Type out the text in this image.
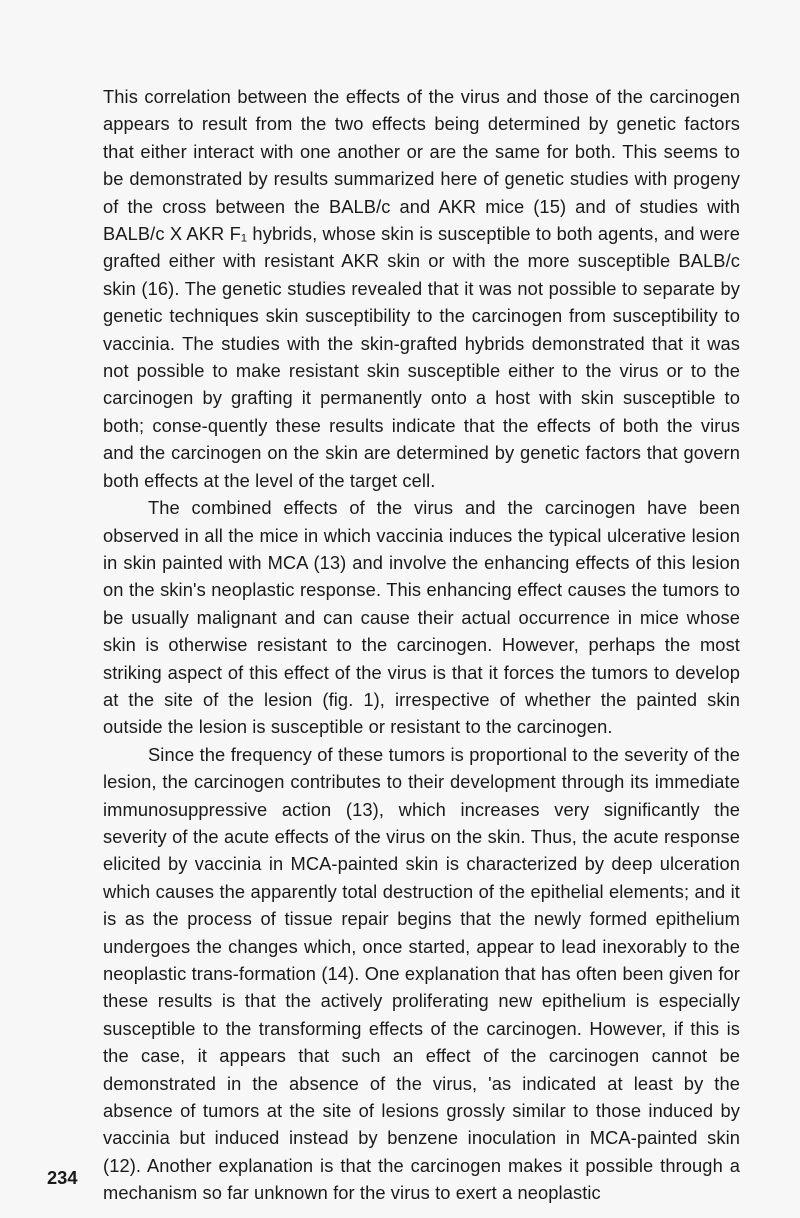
This correlation between the effects of the virus and those of the carcinogen appears to result from the two effects being determined by genetic factors that either interact with one another or are the same for both. This seems to be demonstrated by results summarized here of genetic studies with progeny of the cross between the BALB/c and AKR mice (15) and of studies with BALB/c X AKR F₁ hybrids, whose skin is susceptible to both agents, and were grafted either with resistant AKR skin or with the more susceptible BALB/c skin (16). The genetic studies revealed that it was not possible to separate by genetic techniques skin susceptibility to the carcinogen from susceptibility to vaccinia. The studies with the skin-grafted hybrids demonstrated that it was not possible to make resistant skin susceptible either to the virus or to the carcinogen by grafting it permanently onto a host with skin susceptible to both; conse-quently these results indicate that the effects of both the virus and the carcinogen on the skin are determined by genetic factors that govern both effects at the level of the target cell.

The combined effects of the virus and the carcinogen have been observed in all the mice in which vaccinia induces the typical ulcerative lesion in skin painted with MCA (13) and involve the enhancing effects of this lesion on the skin's neoplastic response. This enhancing effect causes the tumors to be usually malignant and can cause their actual occurrence in mice whose skin is otherwise resistant to the carcinogen. However, perhaps the most striking aspect of this effect of the virus is that it forces the tumors to develop at the site of the lesion (fig. 1), irrespective of whether the painted skin outside the lesion is susceptible or resistant to the carcinogen.

Since the frequency of these tumors is proportional to the severity of the lesion, the carcinogen contributes to their development through its immediate immunosuppressive action (13), which increases very significantly the severity of the acute effects of the virus on the skin. Thus, the acute response elicited by vaccinia in MCA-painted skin is characterized by deep ulceration which causes the apparently total destruction of the epithelial elements; and it is as the process of tissue repair begins that the newly formed epithelium undergoes the changes which, once started, appear to lead inexorably to the neoplastic trans-formation (14). One explanation that has often been given for these results is that the actively proliferating new epithelium is especially susceptible to the transforming effects of the carcinogen. However, if this is the case, it appears that such an effect of the carcinogen cannot be demonstrated in the absence of the virus, 'as indicated at least by the absence of tumors at the site of lesions grossly similar to those induced by vaccinia but induced instead by benzene inoculation in MCA-painted skin (12). Another explanation is that the carcinogen makes it possible through a mechanism so far unknown for the virus to exert a neoplastic

234
